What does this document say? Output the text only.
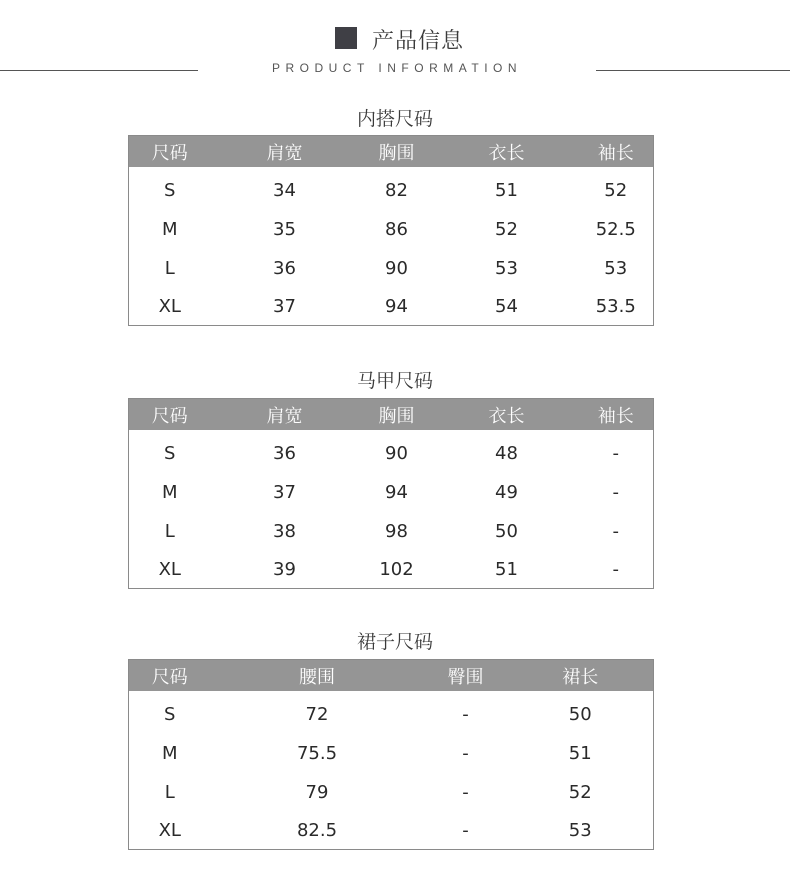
产品信息
PRODUCT INFORMATION
内搭尺码
尺码	肩宽	胸围	衣长	袖长
S	34	82	51	52
M	35	86	52	52.5
L	36	90	53	53
XL	37	94	54	53.5
马甲尺码
尺码	肩宽	胸围	衣长	袖长
S	36	90	48	-
M	37	94	49	-
L	38	98	50	-
XL	39	102	51	-
裙子尺码
尺码	腰围	臀围	裙长
S	72	-	50
M	75.5	-	51
L	79	-	52
XL	82.5	-	53
